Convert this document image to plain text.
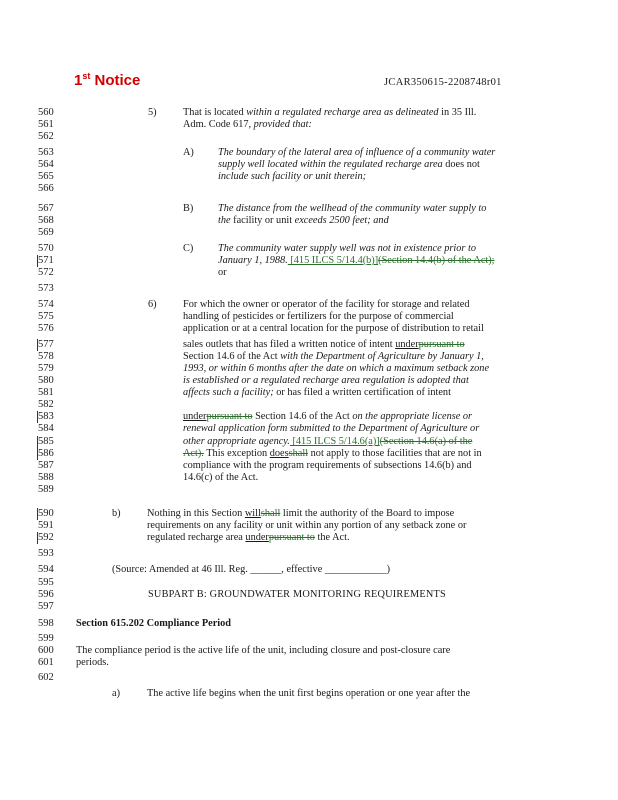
1st Notice	JCAR350615-2208748r01
560
561
562
563
564
565
566
567
568
569
570
571
572
573
574
575
576
577
578
579
580
581
582
583
584
585
586
587
588
589
590
591
592
593
594
595
596
597
598
599
600
601
602
5)	That is located within a regulated recharge area as delineated in 35 Ill.
Adm. Code 617, provided that:
A) The boundary of the lateral area of influence of a community water
supply well located within the regulated recharge area does not
include such facility or unit therein;
B) The distance from the wellhead of the community water supply to
the facility or unit exceeds 2500 feet; and
C) The community water supply well was not in existence prior to
January 1, 1988. [415 ILCS 5/14.4(b)](Section 14.4(b) of the Act);
or
6)	For which the owner or operator of the facility for storage and related
handling of pesticides or fertilizers for the purpose of commercial
application or at a central location for the purpose of distribution to retail
sales outlets that has filed a written notice of intent underpursuant to
Section 14.6 of the Act with the Department of Agriculture by January 1,
1993, or within 6 months after the date on which a maximum setback zone
is established or a regulated recharge area regulation is adopted that
affects such a facility; or has filed a written certification of intent
underpursuant to Section 14.6 of the Act on the appropriate license or
renewal application form submitted to the Department of Agriculture or
other appropriate agency. [415 ILCS 5/14.6(a)](Section 14.6(a) of the
Act). This exception doesshall not apply to those facilities that are not in
compliance with the program requirements of subsections 14.6(b) and
14.6(c) of the Act.
b)	Nothing in this Section willshall limit the authority of the Board to impose
requirements on any facility or unit within any portion of any setback zone or
regulated recharge area underpursuant to the Act.
(Source: Amended at 46 Ill. Reg. ______, effective ____________)
SUBPART B: GROUNDWATER MONITORING REQUIREMENTS
Section 615.202 Compliance Period
The compliance period is the active life of the unit, including closure and post-closure care
periods.
a)	The active life begins when the unit first begins operation or one year after the
